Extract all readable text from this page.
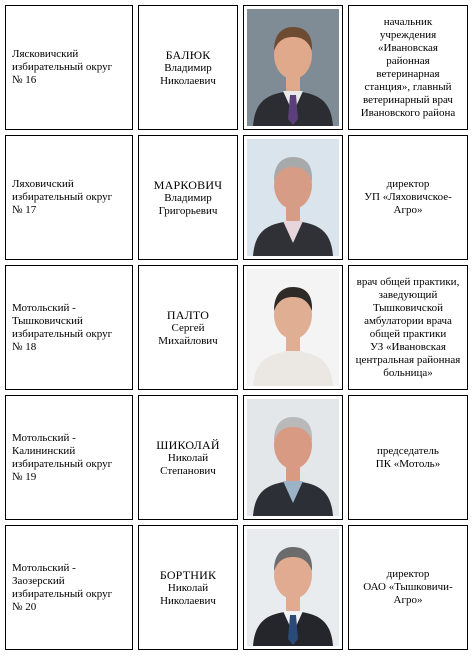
Лясковичский
избирательный округ
№ 16
БАЛЮК
Владимир
Николаевич
начальник
учреждения
«Ивановская
районная
ветеринарная
станция», главный
ветеринарный врач
Ивановского района
Ляховичский
избирательный округ
№ 17
МАРКОВИЧ
Владимир
Григорьевич
директор
УП «Ляховичское-
Агро»
Мотольский -
Тышковичский
избирательный округ
№ 18
ПАЛТО
Сергей
Михайлович
врач общей практики,
заведующий
Тышковичской
амбулатории врача
общей практики
УЗ «Ивановская
центральная районная
больница»
Мотольский -
Калининский
избирательный округ
№ 19
ШИКОЛАЙ
Николай
Степанович
председатель
ПК «Мотоль»
Мотольский -
Заозерский
избирательный округ
№ 20
БОРТНИК
Николай
Николаевич
директор
ОАО «Тышковичи-
Агро»
